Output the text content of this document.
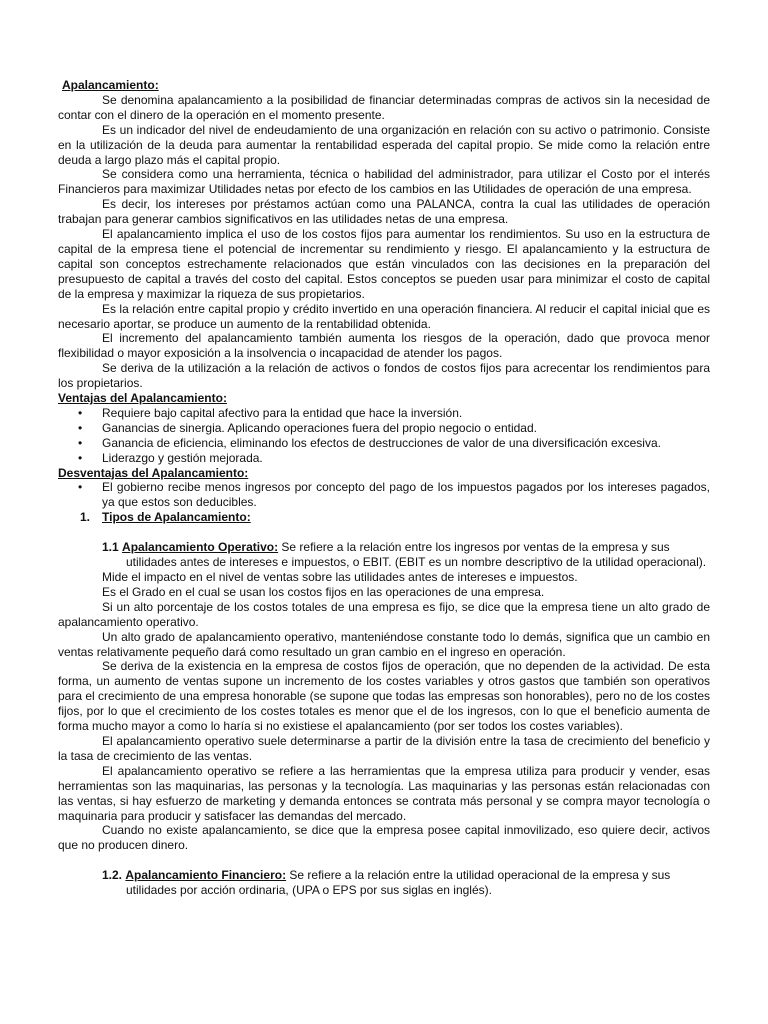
Apalancamiento:

Se denomina apalancamiento a la posibilidad de financiar determinadas compras de activos sin la necesidad de contar con el dinero de la operación en el momento presente.

Es un indicador del nivel de endeudamiento de una organización en relación con su activo o patrimonio. Consiste en la utilización de la deuda para aumentar la rentabilidad esperada del capital propio. Se mide como la relación entre deuda a largo plazo más el capital propio.

Se considera como una herramienta, técnica o habilidad del administrador, para utilizar el Costo por el interés Financieros para maximizar Utilidades netas por efecto de los cambios en las Utilidades de operación de una empresa.

Es decir, los intereses por préstamos actúan como una PALANCA, contra la cual las utilidades de operación trabajan para generar cambios significativos en las utilidades netas de una empresa.

El apalancamiento implica el uso de los costos fijos para aumentar los rendimientos. Su uso en la estructura de capital de la empresa tiene el potencial de incrementar su rendimiento y riesgo. El apalancamiento y la estructura de capital son conceptos estrechamente relacionados que están vinculados con las decisiones en la preparación del presupuesto de capital a través del costo del capital. Estos conceptos se pueden usar para minimizar el costo de capital de la empresa y maximizar la riqueza de sus propietarios.

Es la relación entre capital propio y crédito invertido en una operación financiera. Al reducir el capital inicial que es necesario aportar, se produce un aumento de la rentabilidad obtenida.

El incremento del apalancamiento también aumenta los riesgos de la operación, dado que provoca menor flexibilidad o mayor exposición a la insolvencia o incapacidad de atender los pagos.

Se deriva de la utilización a la relación de activos o fondos de costos fijos para acrecentar los rendimientos para los propietarios.

Ventajas del Apalancamiento:
• Requiere bajo capital afectivo para la entidad que hace la inversión.
• Ganancias de sinergia. Aplicando operaciones fuera del propio negocio o entidad.
• Ganancia de eficiencia, eliminando los efectos de destrucciones de valor de una diversificación excesiva.
• Liderazgo y gestión mejorada.
Desventajas del Apalancamiento:
• El gobierno recibe menos ingresos por concepto del pago de los impuestos pagados por los intereses pagados, ya que estos son deducibles.
1. Tipos de Apalancamiento:
1.1 Apalancamiento Operativo: Se refiere a la relación entre los ingresos por ventas de la empresa y sus
utilidades antes de intereses e impuestos, o EBIT. (EBIT es un nombre descriptivo de la utilidad operacional).

Mide el impacto en el nivel de ventas sobre las utilidades antes de intereses e impuestos.

Es el Grado en el cual se usan los costos fijos en las operaciones de una empresa.

Si un alto porcentaje de los costos totales de una empresa es fijo, se dice que la empresa tiene un alto grado de apalancamiento operativo.

Un alto grado de apalancamiento operativo, manteniéndose constante todo lo demás, significa que un cambio en ventas relativamente pequeño dará como resultado un gran cambio en el ingreso en operación.

Se deriva de la existencia en la empresa de costos fijos de operación, que no dependen de la actividad. De esta forma, un aumento de ventas supone un incremento de los costes variables y otros gastos que también son operativos para el crecimiento de una empresa honorable (se supone que todas las empresas son honorables), pero no de los costes fijos, por lo que el crecimiento de los costes totales es menor que el de los ingresos, con lo que el beneficio aumenta de forma mucho mayor a como lo haría si no existiese el apalancamiento (por ser todos los costes variables).

El apalancamiento operativo suele determinarse a partir de la división entre la tasa de crecimiento del beneficio y la tasa de crecimiento de las ventas.

El apalancamiento operativo se refiere a las herramientas que la empresa utiliza para producir y vender, esas herramientas son las maquinarias, las personas y la tecnología. Las maquinarias y las personas están relacionadas con las ventas, si hay esfuerzo de marketing y demanda entonces se contrata más personal y se compra mayor tecnología o maquinaria para producir y satisfacer las demandas del mercado.

Cuando no existe apalancamiento, se dice que la empresa posee capital inmovilizado, eso quiere decir, activos que no producen dinero.

1.2. Apalancamiento Financiero: Se refiere a la relación entre la utilidad operacional de la empresa y sus
utilidades por acción ordinaria, (UPA o EPS por sus siglas en inglés).
